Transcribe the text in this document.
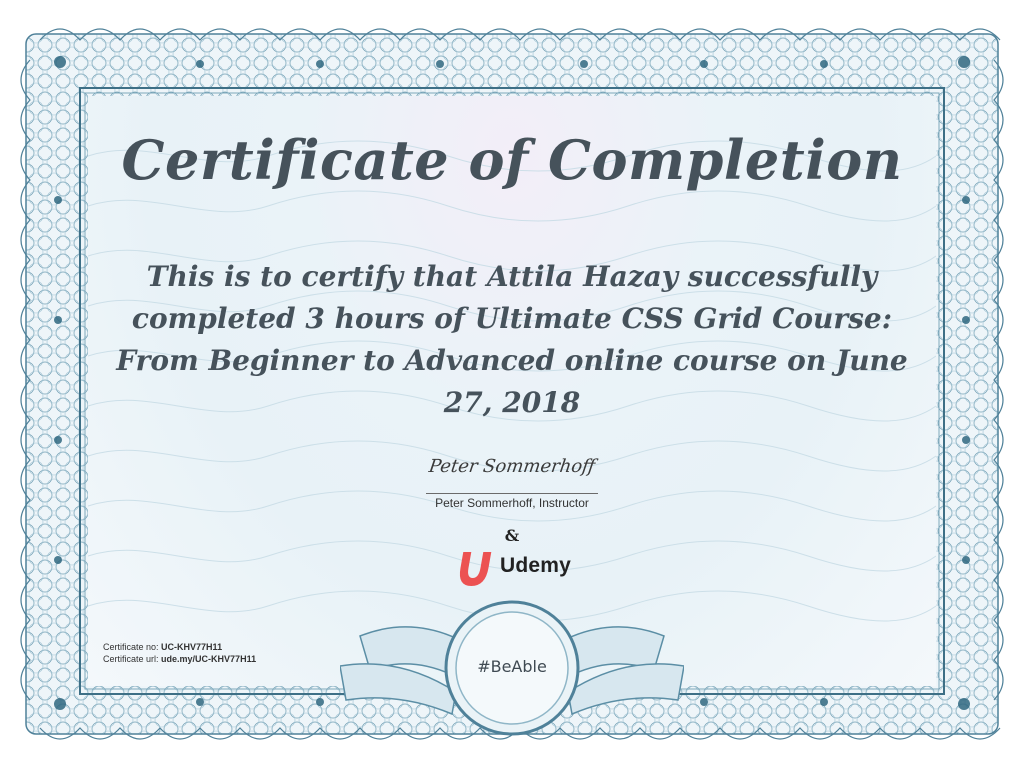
Certificate of Completion
This is to certify that Attila Hazay successfully completed 3 hours of Ultimate CSS Grid Course: From Beginner to Advanced online course on June 27, 2018
Peter Sommerhoff
Peter Sommerhoff, Instructor
&
Udemy
Certificate no: UC-KHV77H11
Certificate url: ude.my/UC-KHV77H11	#BeAble
